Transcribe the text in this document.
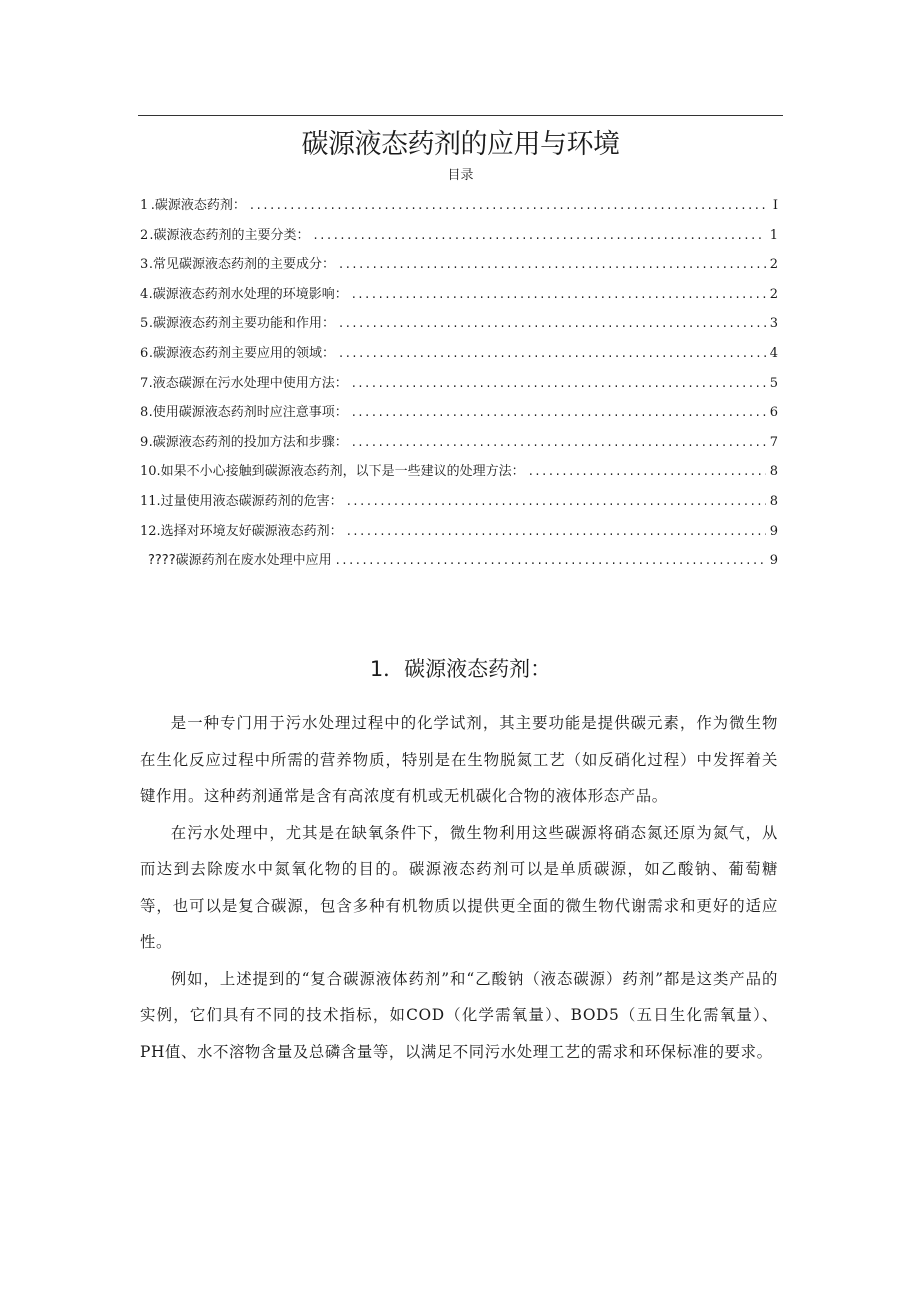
碳源液态药剂的应用与环境
目录
1 .碳源液态药剂： .....	I
2 .碳源液态药剂的主要分类： .....	1
3 .常见碳源液态药剂的主要成分： .....	2
4 .碳源液态药剂水处理的环境影响： .....	2
5 .碳源液态药剂主要功能和作用： .....	3
6 .碳源液态药剂主要应用的领域： .....	4
7 .液态碳源在污水处理中使用方法： .....	5
8 .使用碳源液态药剂时应注意事项： .....	6
9 .碳源液态药剂的投加方法和步骤： .....	7
10 .如果不小心接触到碳源液态药剂，以下是一些建议的处理方法： .....	8
11 .过量使用液态碳源药剂的危害： .....	8
12 .选择对环境友好碳源液态药剂： .....	9
????碳源药剂在废水处理中应用 .....	9
1．碳源液态药剂：

是一种专门用于污水处理过程中的化学试剂，其主要功能是提供碳元素，作为微生物在生化反应过程中所需的营养物质，特别是在生物脱氮工艺（如反硝化过程）中发挥着关键作用。这种药剂通常是含有高浓度有机或无机碳化合物的液体形态产品。

在污水处理中，尤其是在缺氧条件下，微生物利用这些碳源将硝态氮还原为氮气，从而达到去除废水中氮氧化物的目的。碳源液态药剂可以是单质碳源，如乙酸钠、葡萄糖等，也可以是复合碳源，包含多种有机物质以提供更全面的微生物代谢需求和更好的适应性。

例如，上述提到的“复合碳源液体药剂”和“乙酸钠（液态碳源）药剂”都是这类产品的实例，它们具有不同的技术指标，如COD（化学需氧量）、BOD5（五日生化需氧量）、PH值、水不溶物含量及总磷含量等，以满足不同污水处理工艺的需求和环保标准的要求。
